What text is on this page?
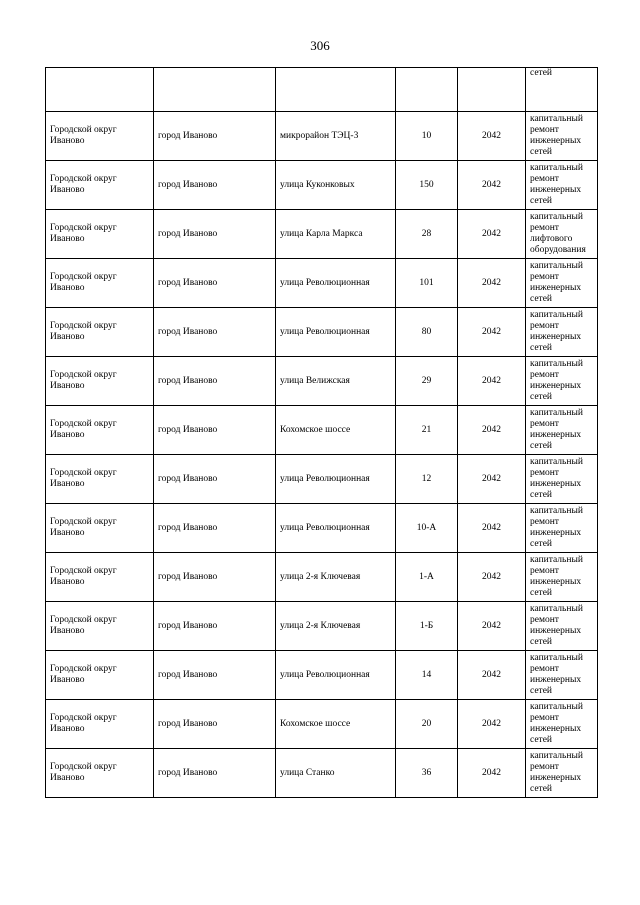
306
					сетей
Городской округ Иваново	город Иваново	микрорайон ТЭЦ-3	10	2042	капитальный ремонт инженерных сетей
Городской округ Иваново	город Иваново	улица Куконковых	150	2042	капитальный ремонт инженерных сетей
Городской округ Иваново	город Иваново	улица Карла Маркса	28	2042	капитальный ремонт лифтового оборудования
Городской округ Иваново	город Иваново	улица Революционная	101	2042	капитальный ремонт инженерных сетей
Городской округ Иваново	город Иваново	улица Революционная	80	2042	капитальный ремонт инженерных сетей
Городской округ Иваново	город Иваново	улица Велижская	29	2042	капитальный ремонт инженерных сетей
Городской округ Иваново	город Иваново	Кохомское шоссе	21	2042	капитальный ремонт инженерных сетей
Городской округ Иваново	город Иваново	улица Революционная	12	2042	капитальный ремонт инженерных сетей
Городской округ Иваново	город Иваново	улица Революционная	10-А	2042	капитальный ремонт инженерных сетей
Городской округ Иваново	город Иваново	улица 2-я Ключевая	1-А	2042	капитальный ремонт инженерных сетей
Городской округ Иваново	город Иваново	улица 2-я Ключевая	1-Б	2042	капитальный ремонт инженерных сетей
Городской округ Иваново	город Иваново	улица Революционная	14	2042	капитальный ремонт инженерных сетей
Городской округ Иваново	город Иваново	Кохомское шоссе	20	2042	капитальный ремонт инженерных сетей
Городской округ Иваново	город Иваново	улица Станко	36	2042	капитальный ремонт инженерных сетей
